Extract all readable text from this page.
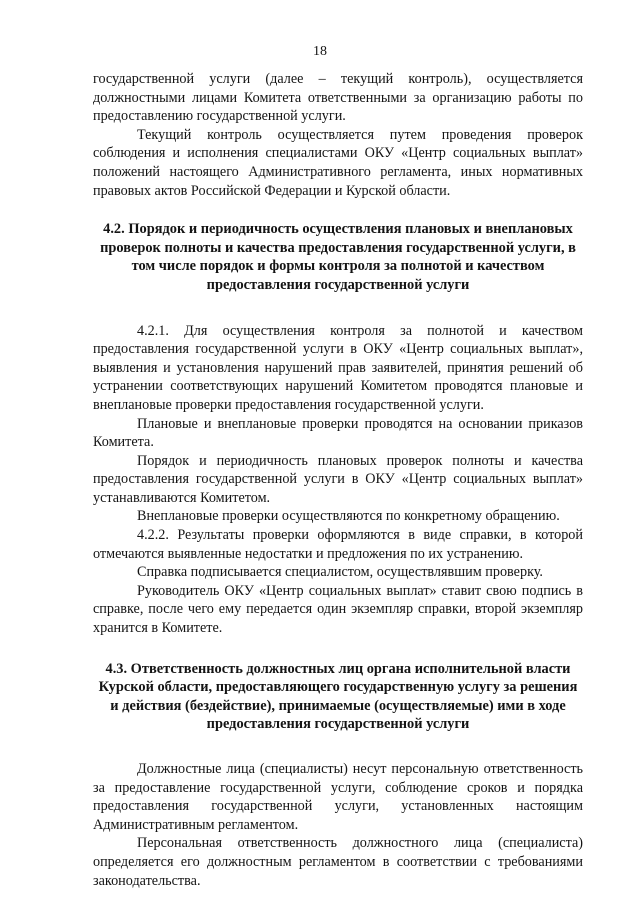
18

государственной услуги (далее – текущий контроль), осуществляется должностными лицами Комитета ответственными за организацию работы по предоставлению государственной услуги.

Текущий контроль осуществляется путем проведения проверок соблюдения и исполнения специалистами ОКУ «Центр социальных выплат» положений настоящего Административного регламента, иных нормативных правовых актов Российской Федерации и Курской области.

4.2. Порядок и периодичность осуществления плановых и внеплановых проверок полноты и качества предоставления государственной услуги, в том числе порядок и формы контроля за полнотой и качеством предоставления государственной услуги

4.2.1. Для осуществления контроля за полнотой и качеством предоставления государственной услуги в ОКУ «Центр социальных выплат», выявления и установления нарушений прав заявителей, принятия решений об устранении соответствующих нарушений Комитетом проводятся плановые и внеплановые проверки предоставления государственной услуги.

Плановые и внеплановые проверки проводятся на основании приказов Комитета.

Порядок и периодичность плановых проверок полноты и качества предоставления государственной услуги в ОКУ «Центр социальных выплат» устанавливаются Комитетом.

Внеплановые проверки осуществляются по конкретному обращению.

4.2.2. Результаты проверки оформляются в виде справки, в которой отмечаются выявленные недостатки и предложения по их устранению.

Справка подписывается специалистом, осуществлявшим проверку.

Руководитель ОКУ «Центр социальных выплат» ставит свою подпись в справке, после чего ему передается один экземпляр справки, второй экземпляр хранится в Комитете.

4.3. Ответственность должностных лиц органа исполнительной власти Курской области, предоставляющего государственную услугу за решения и действия (бездействие), принимаемые (осуществляемые) ими в ходе предоставления государственной услуги

Должностные лица (специалисты) несут персональную ответственность за предоставление государственной услуги, соблюдение сроков и порядка предоставления государственной услуги, установленных настоящим Административным регламентом.

Персональная ответственность должностного лица (специалиста) определяется его должностным регламентом в соответствии с требованиями законодательства.
